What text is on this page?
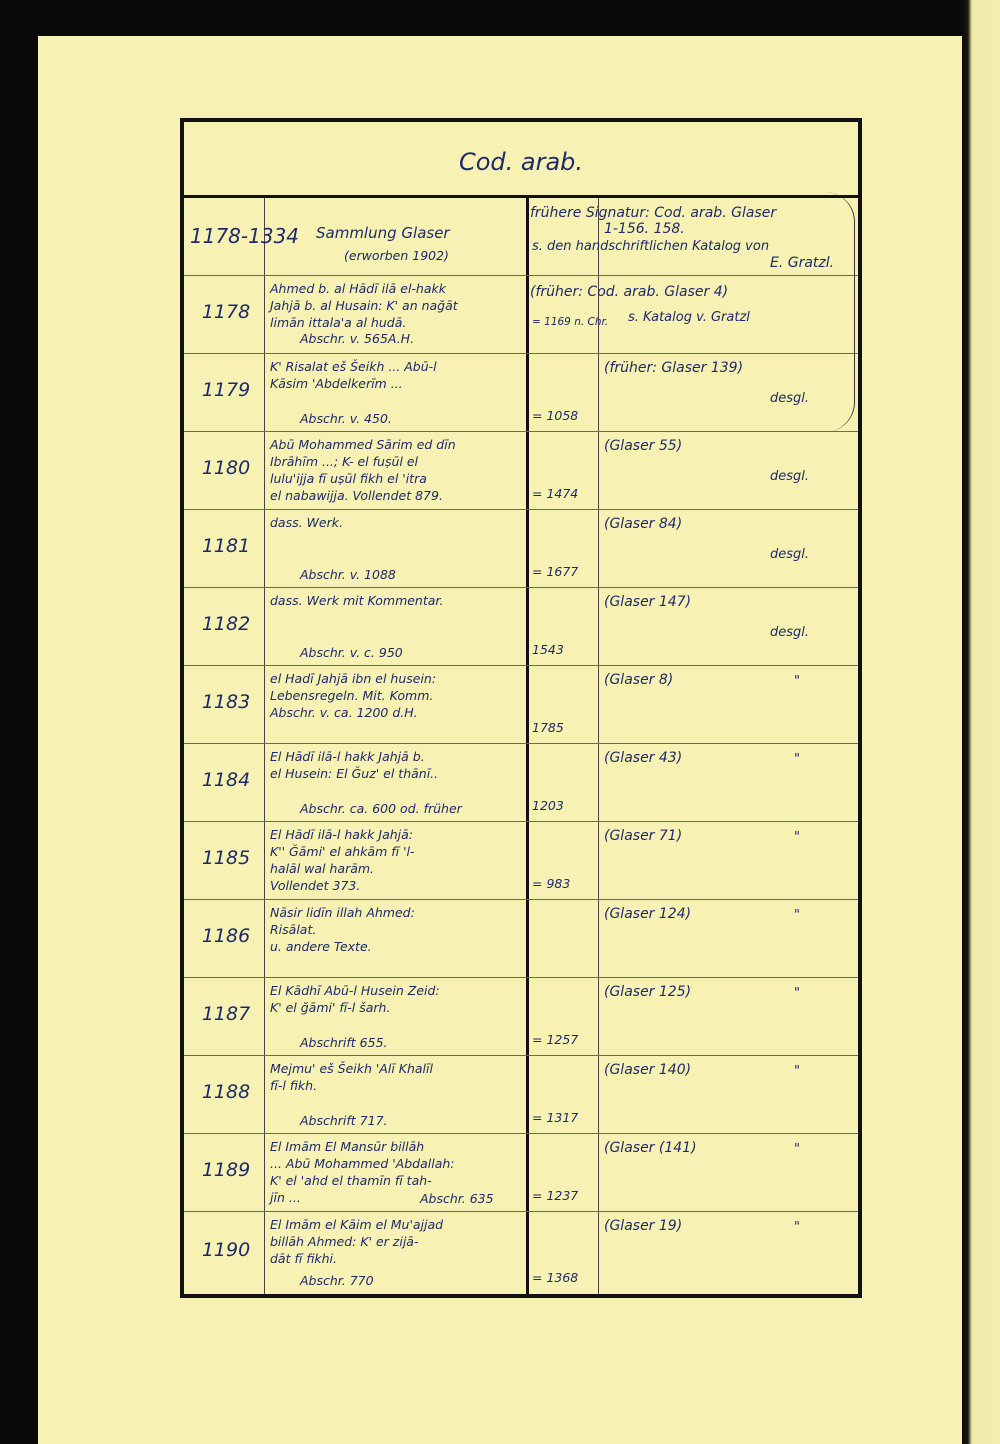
Cod. arab.
1178-1334	Sammlung Glaser
(erworben 1902)
frühere Signatur: Cod. arab. Glaser
1-156. 158.
s. den handschriftlichen Katalog von
E. Gratzl.
1178
Ahmed b. al Hādī ilā el-hakk
Jahjā b. al Husain: K' an nağāt
limān ittala'a al hudā.
Abschr. v. 565A.H.
= 1169 n. Chr.
(früher: Cod. arab. Glaser 4)
s. Katalog v. Gratzl
1179
K' Risalat eš Šeikh ... Abū-l
Kāsim 'Abdelkerīm ...
Abschr. v. 450.	= 1058
(früher: Glaser 139)
desgl.
1180
Abū Mohammed Sārim ed dīn
Ibrāhīm ...; K- el fuṣūl el
lulu'ijja fī uṣūl fikh el 'itra
el nabawijja. Vollendet 879.	= 1474
(Glaser 55)
desgl.
1181
dass. Werk.
Abschr. v. 1088	= 1677
(Glaser 84)
desgl.
1182
dass. Werk mit Kommentar.
Abschr. v. c. 950	1543
(Glaser 147)
desgl.
1183
el Hadī Jahjā ibn el husein:
Lebensregeln. Mit. Komm.
Abschr. v. ca. 1200 d.H.
1785
(Glaser 8)	"
1184
El Hādī ilā-l hakk Jahjā b.
el Husein: El Ğuz' el thānī..
Abschr. ca. 600 od. früher	1203
(Glaser 43)	"
1185
El Hādī ilā-l hakk Jahjā:
K'' Ğāmi' el ahkām fī 'l-
halāl wal harām.
Vollendet 373.	= 983
(Glaser 71)	"
1186
Nāsir lidīn illah Ahmed:
Risālat.
u. andere Texte.
(Glaser 124)	"
1187
El Kādhī Abū-l Husein Zeid:
K' el ğāmi' fī-l šarh.
Abschrift 655.	= 1257
(Glaser 125)	"
1188
Mejmu' eš Šeikh 'Alī Khalīl
fī-l fikh.
Abschrift 717.	= 1317
(Glaser 140)	"
1189
El Imām El Mansūr billāh
... Abū Mohammed 'Abdallah:
K' el 'ahd el thamīn fī tah-
jīn ...	Abschr. 635	= 1237
(Glaser (141)	"
1190
El Imām el Kāim el Mu'ajjad
billāh Ahmed: K' er zijā-
dāt fī fikhi.
Abschr. 770	= 1368
(Glaser 19)	"
